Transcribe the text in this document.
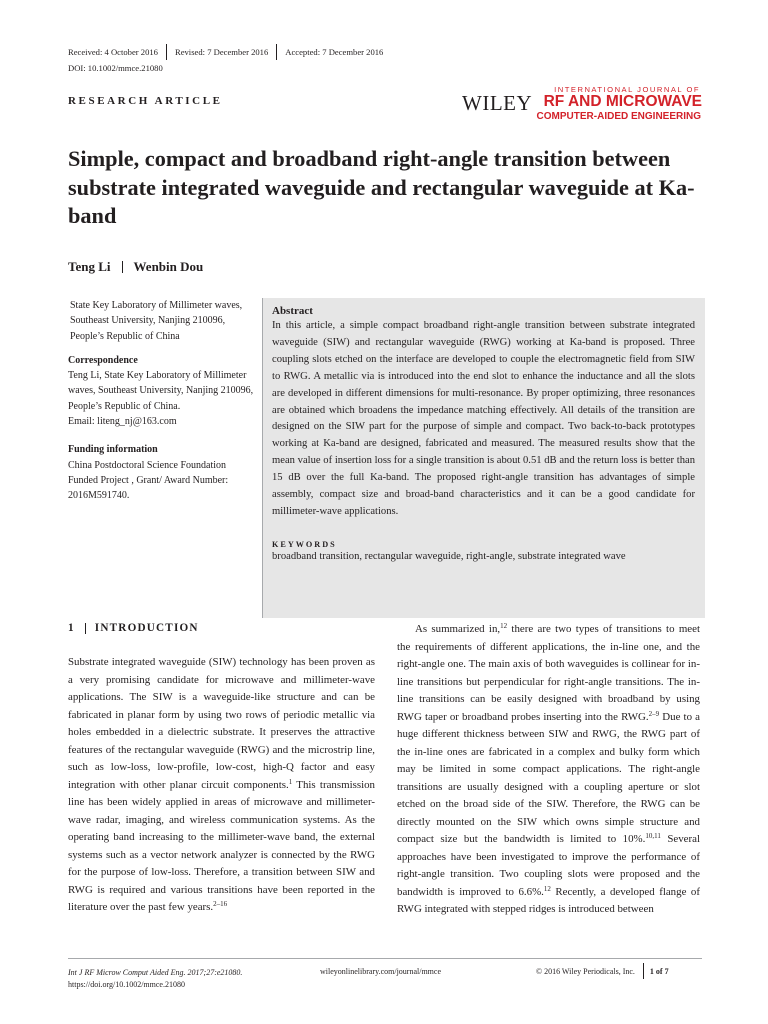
Received: 4 October 2016 Revised: 7 December 2016 Accepted: 7 December 2016
DOI: 10.1002/mmce.21080
RESEARCH ARTICLE
INTERNATIONAL JOURNAL OF
WILEY RF AND MICROWAVE
COMPUTER-AIDED ENGINEERING
Simple, compact and broadband right-angle transition between substrate integrated waveguide and rectangular waveguide at Ka-band
Teng Li Wenbin Dou

State Key Laboratory of Millimeter waves, Southeast University, Nanjing 210096, People’s Republic of China

Correspondence

Teng Li, State Key Laboratory of Millimeter waves, Southeast University, Nanjing 210096, People’s Republic of China.

Email: liteng_nj@163.com

Funding information

China Postdoctoral Science Foundation Funded Project , Grant/ Award Number: 2016M591740.

Abstract

In this article, a simple compact broadband right-angle transition between substrate integrated waveguide (SIW) and rectangular waveguide (RWG) working at Ka-band is proposed. Three coupling slots etched on the interface are developed to couple the electromagnetic field from SIW to RWG. A metallic via is introduced into the end slot to enhance the inductance and all the slots are developed in different dimensions for multi-resonance. By proper optimizing, three resonances are obtained which broadens the impedance matching effectively. All details of the transition are designed on the SIW part for the purpose of simple and compact. Two back-to-back prototypes working at Ka-band are designed, fabricated and measured. The measured results show that the mean value of insertion loss for a single transition is about 0.51 dB and the return loss is better than 15 dB over the full Ka-band. The proposed right-angle transition has advantages of simple assembly, compact size and broad-band characteristics and it can be a good candidate for millimeter-wave applications.

KEYWORDS
broadband transition, rectangular waveguide, right-angle, substrate integrated wave
1 INTRODUCTION

Substrate integrated waveguide (SIW) technology has been proven as a very promising candidate for microwave and millimeter-wave applications. The SIW is a waveguide-like structure and can be fabricated in planar form by using two rows of periodic metallic via holes embedded in a dielectric substrate. It preserves the attractive features of the rectangular waveguide (RWG) and the microstrip line, such as low-loss, low-profile, low-cost, high-Q factor and easy integration with other planar circuit components.$^1$ This transmission line has been widely applied in areas of microwave and millimeter-wave radar, imaging, and wireless communication systems. As the operating band increasing to the millimeter-wave band, the external systems such as a vector network analyzer is connected by the RWG for the purpose of low-loss. Therefore, a transition between SIW and RWG is required and various transitions have been reported in the literature over the past few years.$^{2-16}$

As summarized in,$^{12}$ there are two types of transitions to meet the requirements of different applications, the in-line one, and the right-angle one. The main axis of both waveguides is collinear for in-line transitions but perpendicular for right-angle transitions. The in-line transitions can be easily designed with broadband by using RWG taper or broadband probes inserting into the RWG.$^{2-9}$ Due to a huge different thickness between SIW and RWG, the RWG part of the in-line ones are fabricated in a complex and bulky form which may be limited in some compact applications. The right-angle transitions are usually designed with a coupling aperture or slot etched on the broad side of the SIW. Therefore, the RWG can be directly mounted on the SIW which owns simple structure and compact size but the bandwidth is limited to 10%.$^{10,11}$ Several approaches have been investigated to improve the performance of right-angle transition. Two coupling slots were proposed and the bandwidth is improved to 6.6%.$^{12}$ Recently, a developed flange of RWG integrated with stepped ridges is introduced between

Int J RF Microw Comput Aided Eng. 2017;27:e21080.
https://doi.org/10.1002/mmce.21080
wileyonlinelibrary.com/journal/mmce	© 2016 Wiley Periodicals, Inc. 1 of 7
